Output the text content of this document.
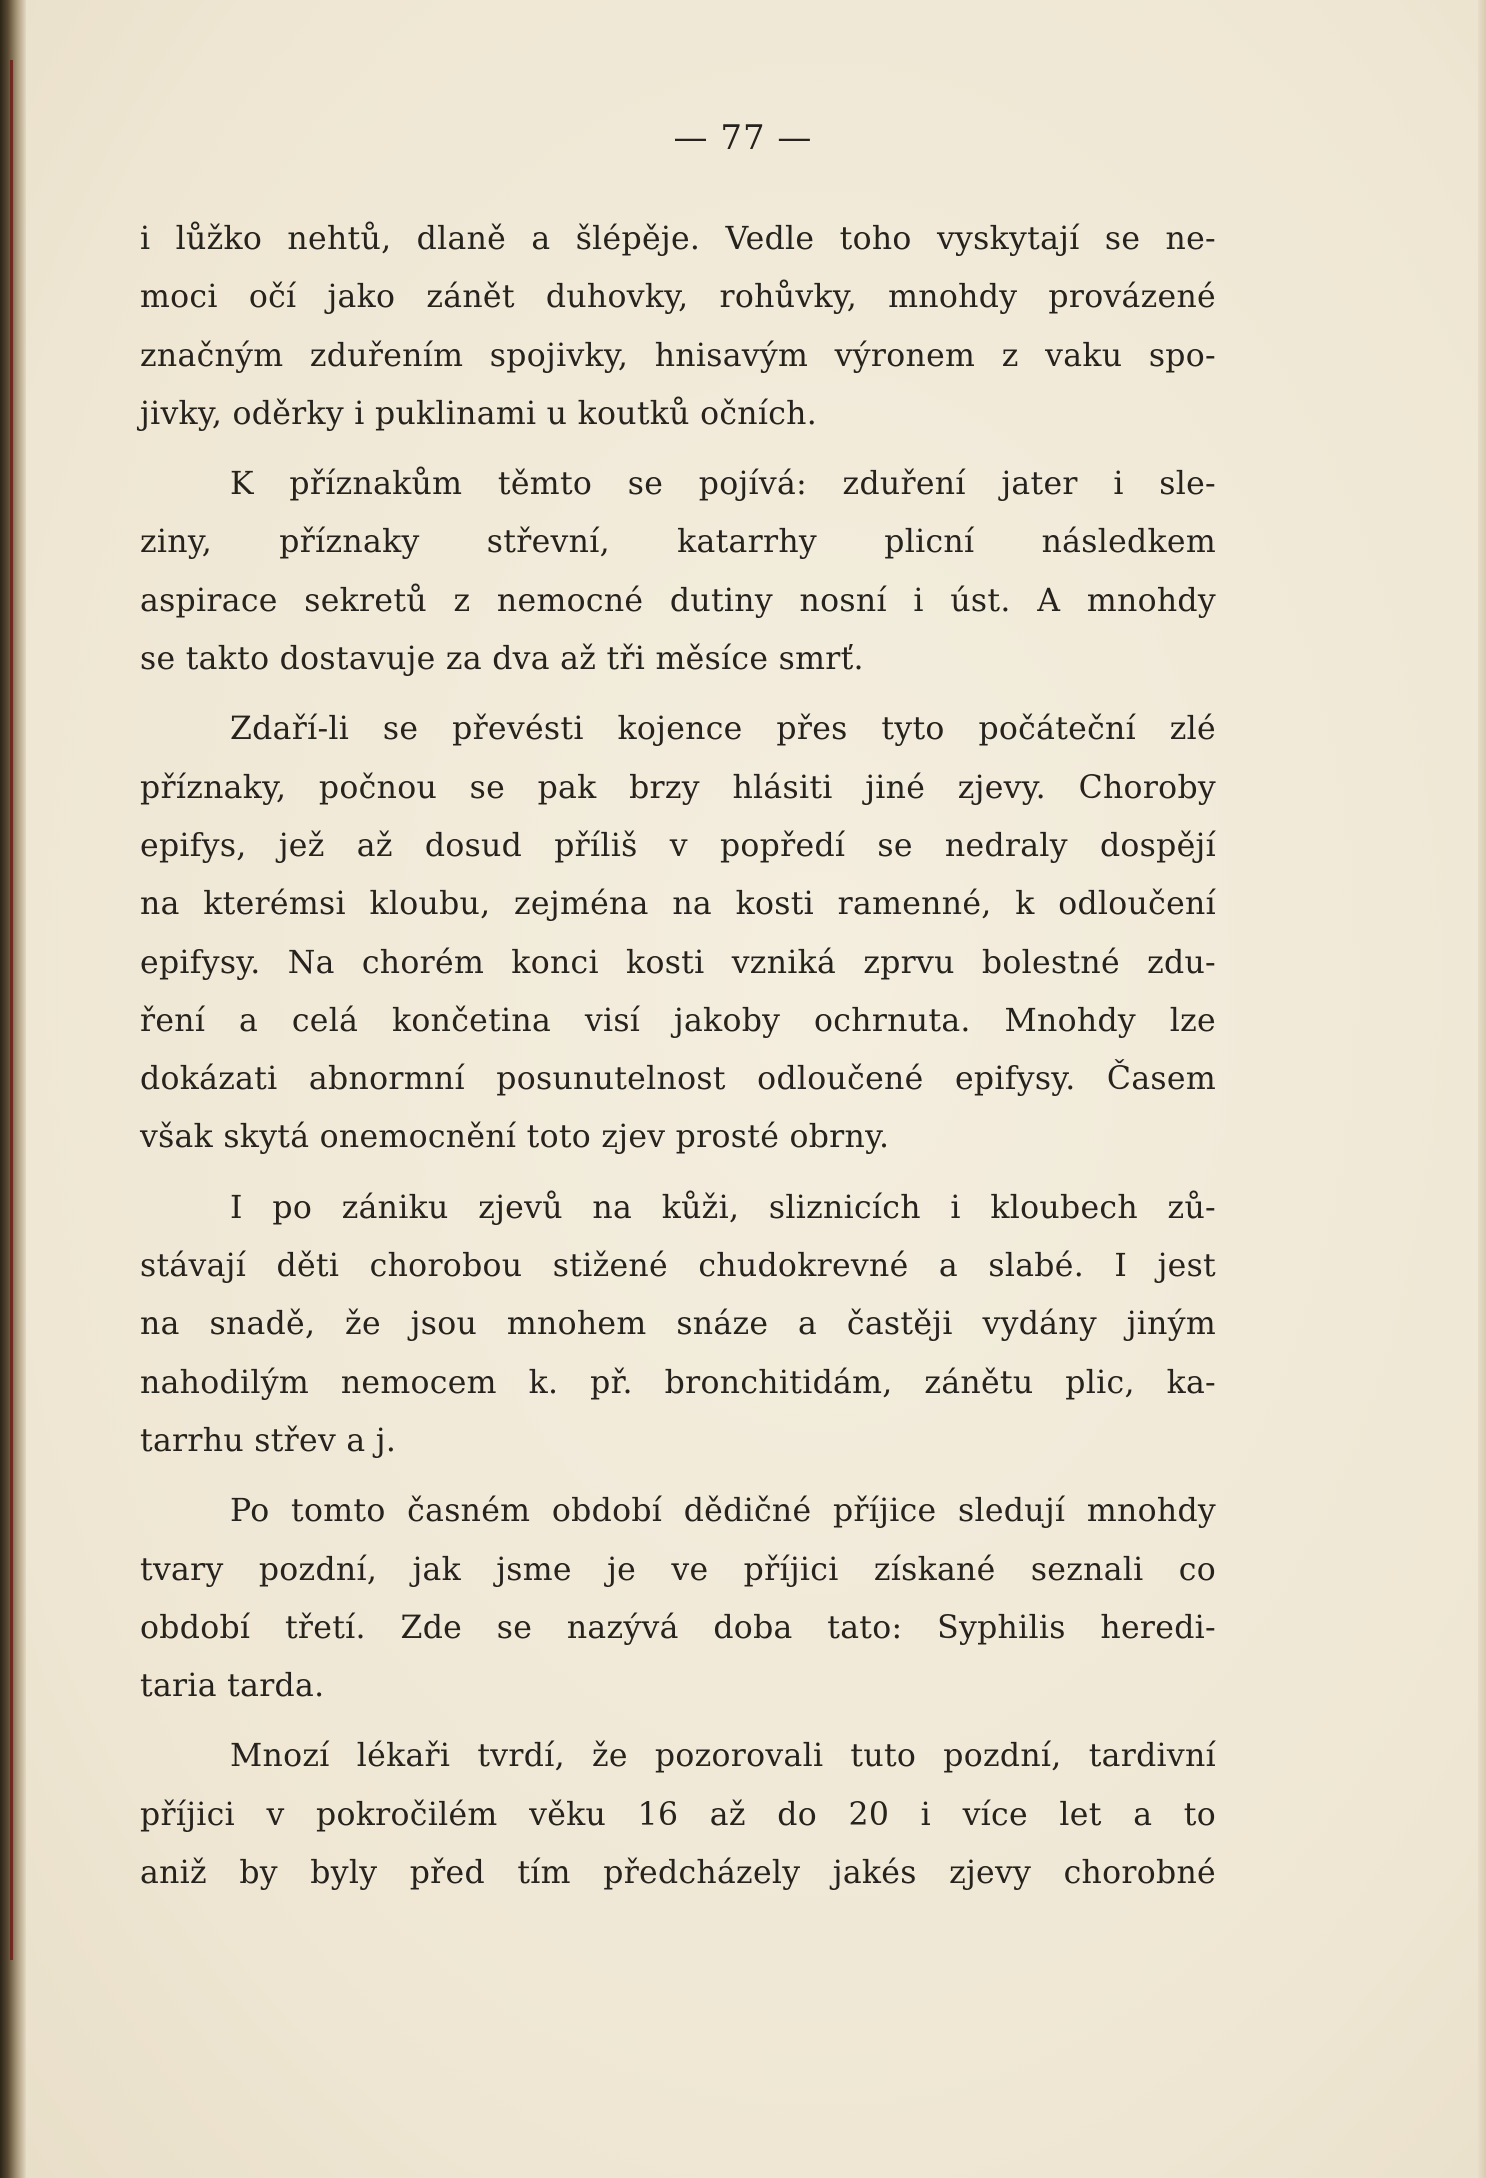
— 77 —
i lůžko nehtů, dlaně a šlépěje. Vedle toho vyskytají se ne-
moci očí jako zánět duhovky, rohůvky, mnohdy provázené
značným zduřením spojivky, hnisavým výronem z vaku spo-
jivky, oděrky i puklinami u koutků očních.
K příznakům těmto se pojívá: zduření jater i sle-
ziny, příznaky střevní, katarrhy plicní následkem
aspirace sekretů z nemocné dutiny nosní i úst. A mnohdy
se takto dostavuje za dva až tři měsíce smrť.
Zdaří-li se převésti kojence přes tyto počáteční zlé
příznaky, počnou se pak brzy hlásiti jiné zjevy. Choroby
epifys, jež až dosud příliš v popředí se nedraly dospějí
na kterémsi kloubu, zejména na kosti ramenné, k odloučení
epifysy. Na chorém konci kosti vzniká zprvu bolestné zdu-
ření a celá končetina visí jakoby ochrnuta. Mnohdy lze
dokázati abnormní posunutelnost odloučené epifysy. Časem
však skytá onemocnění toto zjev prosté obrny.
I po zániku zjevů na kůži, sliznicích i kloubech zů-
stávají děti chorobou stižené chudokrevné a slabé. I jest
na snadě, že jsou mnohem snáze a častěji vydány jiným
nahodilým nemocem k. př. bronchitidám, zánětu plic, ka-
tarrhu střev a j.
Po tomto časném období dědičné příjice sledují mnohdy
tvary pozdní, jak jsme je ve příjici získané seznali co
období třetí. Zde se nazývá doba tato: Syphilis heredi-
taria tarda.
Mnozí lékaři tvrdí, že pozorovali tuto pozdní, tardivní
příjici v pokročilém věku 16 až do 20 i více let a to
aniž by byly před tím předcházely jakés zjevy chorobné
